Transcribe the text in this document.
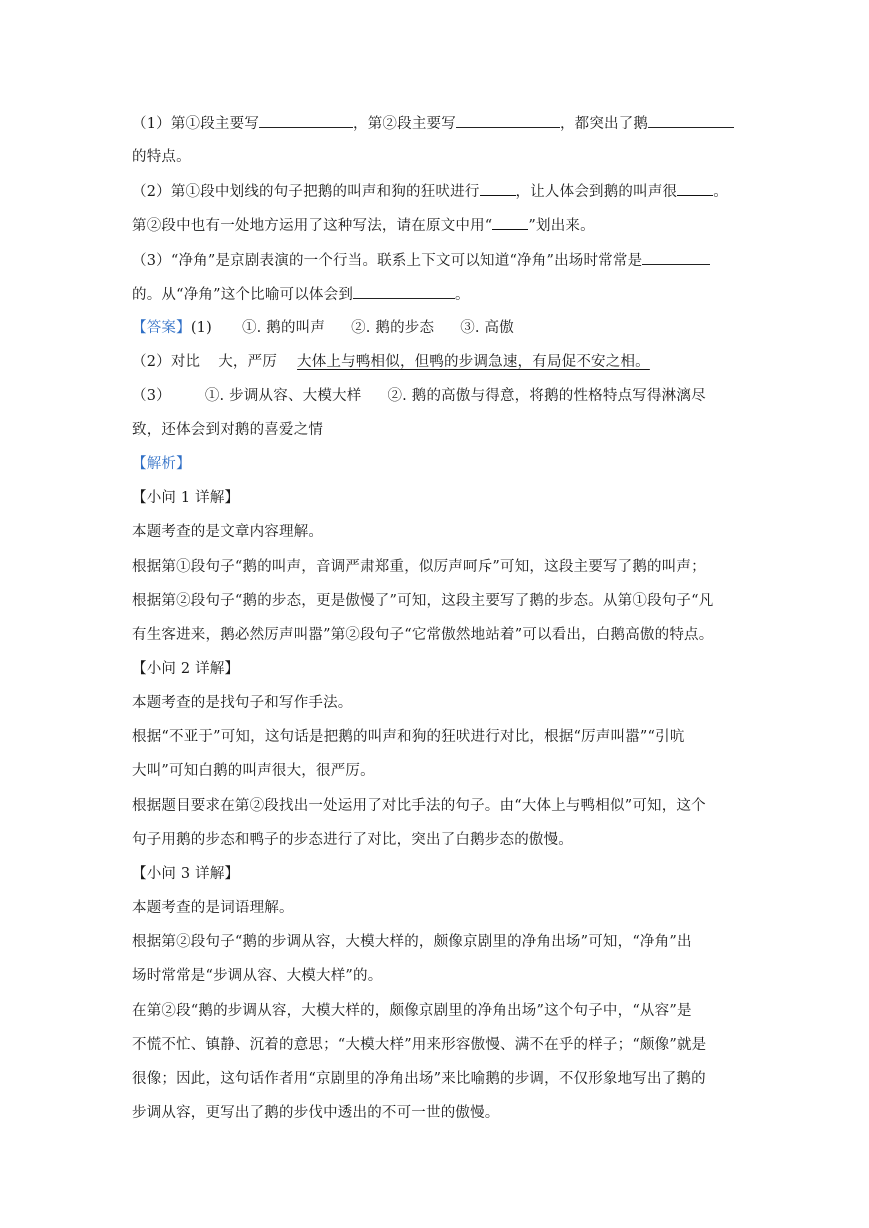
（1）第①段主要写	，第②段主要写	，都突出了鹅
的特点。
（2）第①段中划线的句子把鹅的叫声和狗的狂吠进行 ，让人体会到鹅的叫声很 。
第②段中也有一处地方运用了这种写法，请在原文中用“ ”划出来。
（3）“净角”是京剧表演的一个行当。联系上下文可以知道“净角”出场时常常是
的。从“净角”这个比喻可以体会到	。
【答案】(1) ①. 鹅的叫声 ②. 鹅的步态 ③. 高傲
（2）对比 大，严厉 大体上与鸭相似，但鸭的步调急速，有局促不安之相。
（3） ①. 步调从容、大模大样 ②. 鹅的高傲与得意，将鹅的性格特点写得淋漓尽
致，还体会到对鹅的喜爱之情
【解析】
【小问 1 详解】
本题考查的是文章内容理解。
根据第①段句子“鹅的叫声，音调严肃郑重，似厉声呵斥”可知，这段主要写了鹅的叫声；
根据第②段句子“鹅的步态，更是傲慢了”可知，这段主要写了鹅的步态。从第①段句子“凡
有生客进来，鹅必然厉声叫嚣”第②段句子“它常傲然地站着”可以看出，白鹅高傲的特点。
【小问 2 详解】
本题考查的是找句子和写作手法。
根据“不亚于”可知，这句话是把鹅的叫声和狗的狂吠进行对比，根据“厉声叫嚣”“引吭
大叫”可知白鹅的叫声很大，很严厉。
根据题目要求在第②段找出一处运用了对比手法的句子。由“大体上与鸭相似”可知，这个
句子用鹅的步态和鸭子的步态进行了对比，突出了白鹅步态的傲慢。
【小问 3 详解】
本题考查的是词语理解。
根据第②段句子“鹅的步调从容，大模大样的，颇像京剧里的净角出场”可知，“净角”出
场时常常是“步调从容、大模大样”的。
在第②段“鹅的步调从容，大模大样的，颇像京剧里的净角出场”这个句子中，“从容”是
不慌不忙、镇静、沉着的意思；“大模大样”用来形容傲慢、满不在乎的样子；“颇像”就是
很像；因此，这句话作者用“京剧里的净角出场”来比喻鹅的步调，不仅形象地写出了鹅的
步调从容，更写出了鹅的步伐中透出的不可一世的傲慢。
